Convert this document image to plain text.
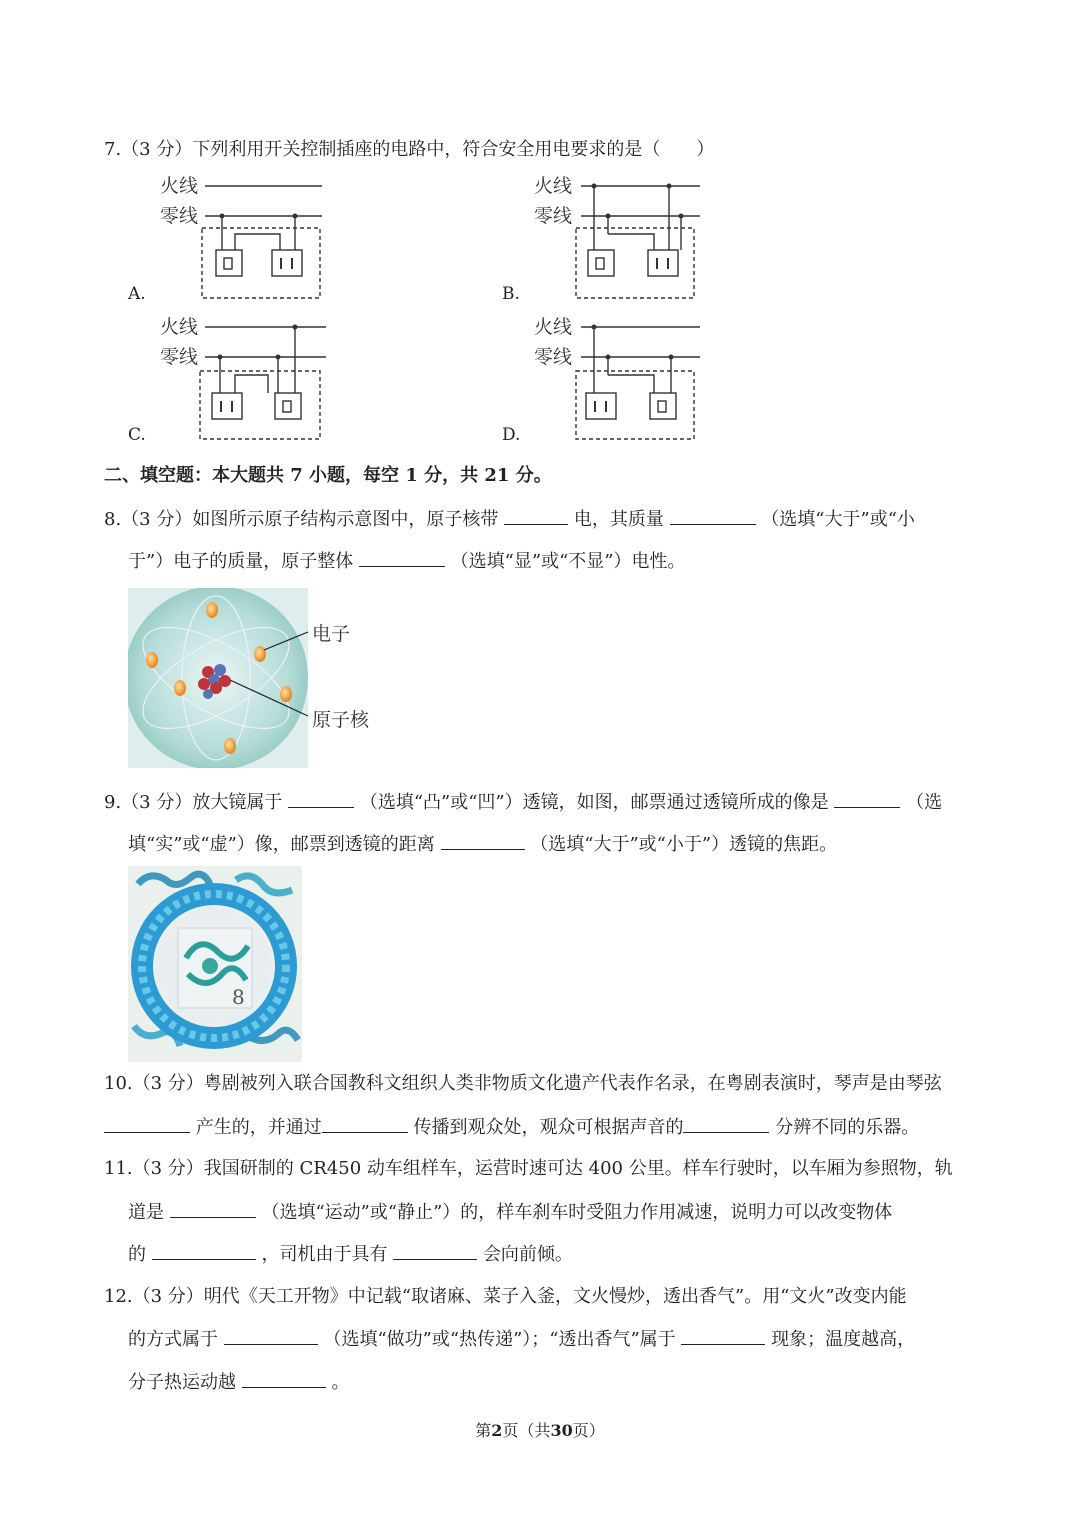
7.（3 分）下列利用开关控制插座的电路中，符合安全用电要求的是（　　）
火线
零线
A.
火线
零线
B.
火线
零线
C.
火线
零线
D.
二、填空题：本大题共 7 小题，每空 1 分，共 21 分。
8.（3 分）如图所示原子结构示意图中，原子核带	电，其质量	（选填“大于”或“小
于”）电子的质量，原子整体	（选填“显”或“不显”）电性。
电子
原子核
9.（3 分）放大镜属于	（选填“凸”或“凹”）透镜，如图，邮票通过透镜所成的像是	（选
填“实”或“虚”）像，邮票到透镜的距离	（选填“大于”或“小于”）透镜的焦距。
8
10.（3 分）粤剧被列入联合国教科文组织人类非物质文化遗产代表作名录，在粤剧表演时，琴声是由琴弦
产生的，并通过	传播到观众处，观众可根据声音的	分辨不同的乐器。
11.（3 分）我国研制的 CR450 动车组样车，运营时速可达 400 公里。样车行驶时，以车厢为参照物，轨
道是	（选填“运动”或“静止”）的，样车刹车时受阻力作用减速，说明力可以改变物体
的	，司机由于具有	会向前倾。
12.（3 分）明代《天工开物》中记载“取诸麻、菜子入釜，文火慢炒，透出香气”。用“文火”改变内能
的方式属于	（选填“做功”或“热传递”）；“透出香气”属于	现象；温度越高，
分子热运动越	。
第2页（共30页）
